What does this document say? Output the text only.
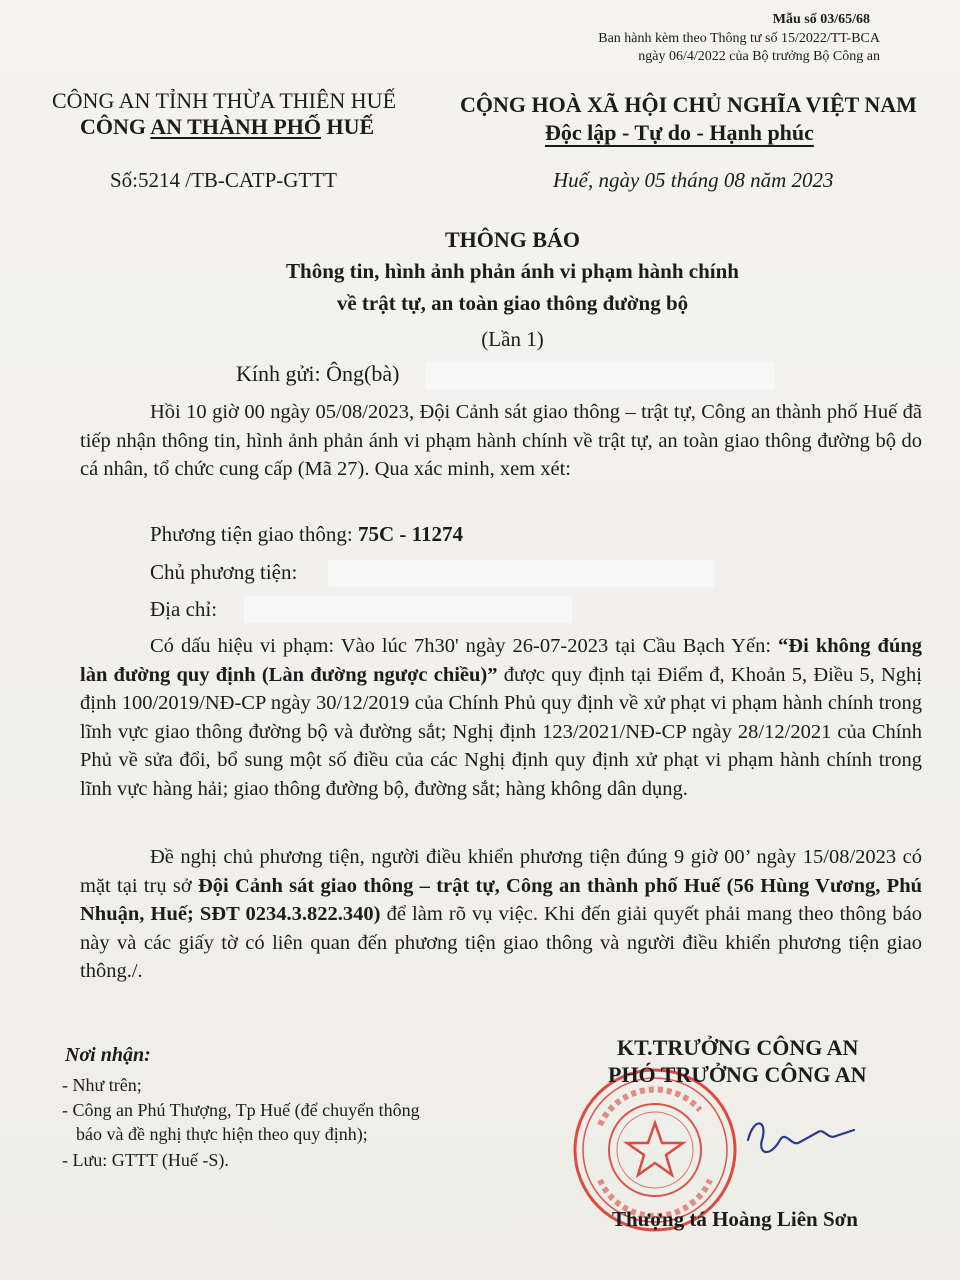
Mẫu số 03/65/68
Ban hành kèm theo Thông tư số 15/2022/TT-BCA
ngày 06/4/2022 của Bộ trưởng Bộ Công an
CÔNG AN TỈNH THỪA THIÊN HUẾ
CÔNG AN THÀNH PHỐ HUẾ
CỘNG HOÀ XÃ HỘI CHỦ NGHĨA VIỆT NAM
Độc lập - Tự do - Hạnh phúc
Số:5214 /TB-CATP-GTTT	Huế, ngày 05 tháng 08 năm 2023
THÔNG BÁO
Thông tin, hình ảnh phản ánh vi phạm hành chính
về trật tự, an toàn giao thông đường bộ
(Lần 1)
Kính gửi: Ông(bà)
Hồi 10 giờ 00 ngày 05/08/2023, Đội Cảnh sát giao thông – trật tự, Công an thành phố Huế đã tiếp nhận thông tin, hình ảnh phản ánh vi phạm hành chính về trật tự, an toàn giao thông đường bộ do cá nhân, tổ chức cung cấp (Mã 27). Qua xác minh, xem xét:
Phương tiện giao thông: 75C - 11274
Chủ phương tiện:
Địa chỉ:
Có dấu hiệu vi phạm: Vào lúc 7h30' ngày 26-07-2023 tại Cầu Bạch Yến: “Đi không đúng làn đường quy định (Làn đường ngược chiều)” được quy định tại Điểm đ, Khoản 5, Điều 5, Nghị định 100/2019/NĐ-CP ngày 30/12/2019 của Chính Phủ quy định về xử phạt vi phạm hành chính trong lĩnh vực giao thông đường bộ và đường sắt; Nghị định 123/2021/NĐ-CP ngày 28/12/2021 của Chính Phủ về sửa đổi, bổ sung một số điều của các Nghị định quy định xử phạt vi phạm hành chính trong lĩnh vực hàng hải; giao thông đường bộ, đường sắt; hàng không dân dụng.
Đề nghị chủ phương tiện, người điều khiển phương tiện đúng 9 giờ 00’ ngày 15/08/2023 có mặt tại trụ sở Đội Cảnh sát giao thông – trật tự, Công an thành phố Huế (56 Hùng Vương, Phú Nhuận, Huế; SĐT 0234.3.822.340) để làm rõ vụ việc. Khi đến giải quyết phải mang theo thông báo này và các giấy tờ có liên quan đến phương tiện giao thông và người điều khiển phương tiện giao thông./.
Nơi nhận:
- Như trên;
- Công an Phú Thượng, Tp Huế (để chuyển thông
báo và đề nghị thực hiện theo quy định);
- Lưu: GTTT (Huế -S).
KT.TRƯỞNG CÔNG AN
PHÓ TRƯỞNG CÔNG AN
Thượng tá Hoàng Liên Sơn
